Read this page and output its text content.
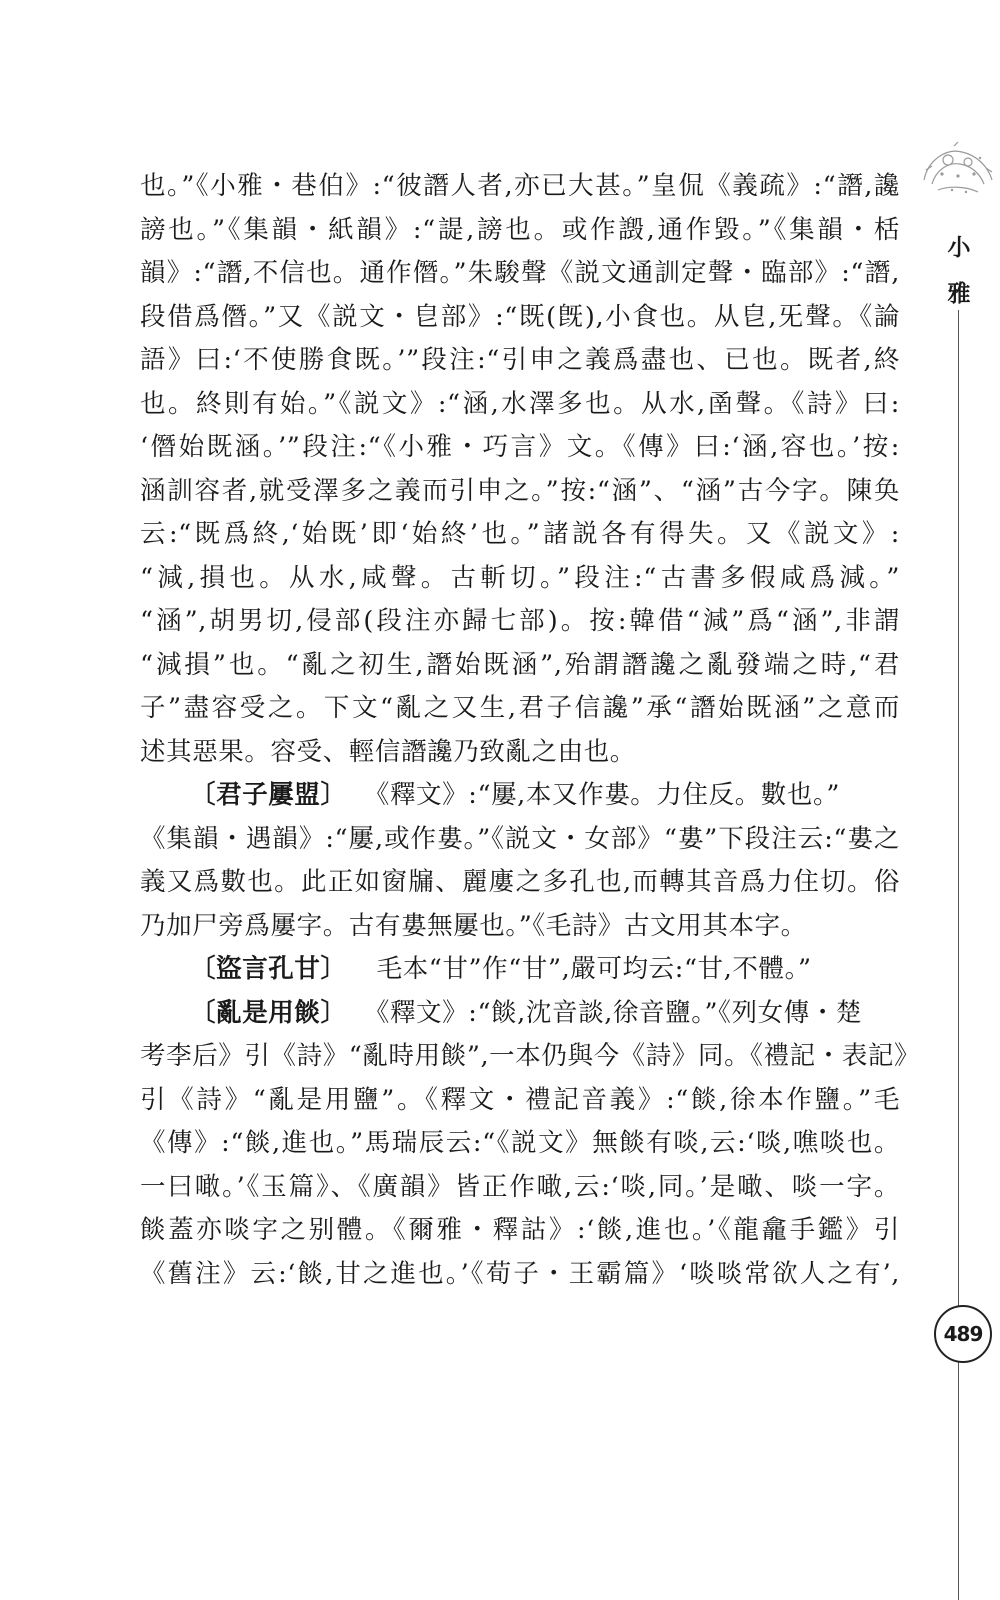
小
雅
489
也。”《小雅・巷伯》:“彼譖人者,亦已大甚。”皇侃《義疏》:“譖,讒
謗也。”《集韻・紙韻》:“諟,謗也。或作譭,通作毀。”《集韻・栝
韻》:“譖,不信也。通作僭。”朱駿聲《説文通訓定聲・臨部》:“譖,
段借爲僭。”又《説文・皀部》:“既(旣),小食也。从皀,旡聲。《論
語》曰:‘不使勝食既。’”段注:“引申之義爲盡也、已也。既者,終
也。終則有始。”《説文》:“涵,水澤多也。从水,圅聲。《詩》曰:
‘僭始既涵。’”段注:“《小雅・巧言》文。《傳》曰:‘涵,容也。’按:
涵訓容者,就受澤多之義而引申之。”按:“涵”、“涵”古今字。陳奂
云:“既爲終,‘始既’即‘始終’也。”諸説各有得失。又《説文》:
“減,損也。从水,咸聲。古斬切。”段注:“古書多假咸爲減。”
“涵”,胡男切,侵部(段注亦歸七部)。按:韓借“減”爲“涵”,非謂
“減損”也。“亂之初生,譖始既涵”,殆謂譖讒之亂發端之時,“君
子”盡容受之。下文“亂之又生,君子信讒”承“譖始既涵”之意而
述其惡果。容受、輕信譖讒乃致亂之由也。
〔君子屢盟〕 《釋文》:“屢,本又作婁。力住反。數也。”
《集韻・遇韻》:“屢,或作婁。”《説文・女部》“婁”下段注云:“婁之
義又爲數也。此正如窗牖、麗廔之多孔也,而轉其音爲力住切。俗
乃加尸旁爲屢字。古有婁無屢也。”《毛詩》古文用其本字。
〔盜言孔甘〕 毛本“甘”作“甘”,嚴可均云:“甘,不體。”
〔亂是用餤〕 《釋文》:“餤,沈音談,徐音鹽。”《列女傳・楚
考李后》引《詩》“亂時用餤”,一本仍與今《詩》同。《禮記・表記》
引《詩》“亂是用鹽”。《釋文・禮記音義》:“餤,徐本作鹽。”毛
《傳》:“餤,進也。”馬瑞辰云:“《説文》無餤有啖,云:‘啖,噍啖也。
一曰噉。’《玉篇》、《廣韻》皆正作噉,云:‘啖,同。’是噉、啖一字。
餤蓋亦啖字之别體。《爾雅・釋詁》:‘餤,進也。’《龍龕手鑑》引
《舊注》云:‘餤,甘之進也。’《荀子・王霸篇》‘啖啖常欲人之有’,
